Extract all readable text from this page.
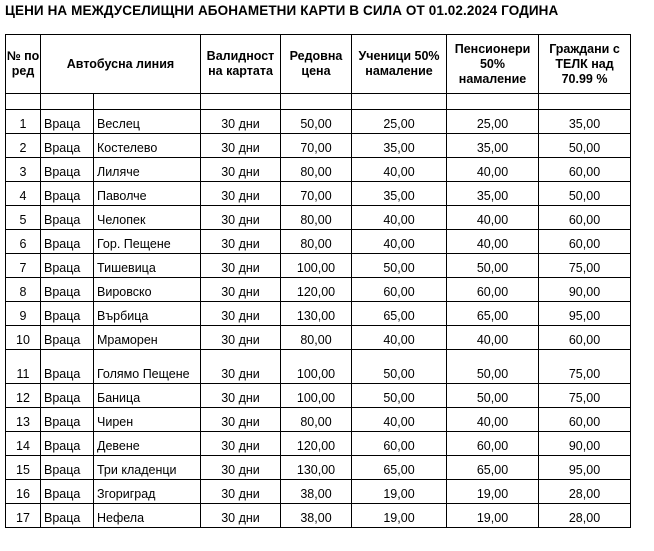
ЦЕНИ НА МЕЖДУСЕЛИЩНИ АБОНАМЕТНИ КАРТИ В СИЛА ОТ 01.02.2024 ГОДИНА
№ по ред	Автобусна линия		Валидност на картата	Редовна цена	Ученици 50% намаление	Пенсионери 50% намаление	Граждани с ТЕЛК над 70.99 %

1	Враца	Веслец	30 дни	50,00	25,00	25,00	35,00
2	Враца	Костелево	30 дни	70,00	35,00	35,00	50,00
3	Враца	Лиляче	30 дни	80,00	40,00	40,00	60,00
4	Враца	Паволче	30 дни	70,00	35,00	35,00	50,00
5	Враца	Челопек	30 дни	80,00	40,00	40,00	60,00
6	Враца	Гор. Пещене	30 дни	80,00	40,00	40,00	60,00
7	Враца	Тишевица	30 дни	100,00	50,00	50,00	75,00
8	Враца	Вировско	30 дни	120,00	60,00	60,00	90,00
9	Враца	Върбица	30 дни	130,00	65,00	65,00	95,00
10	Враца	Мраморен	30 дни	80,00	40,00	40,00	60,00
11	Враца	Голямо Пещене	30 дни	100,00	50,00	50,00	75,00
12	Враца	Баница	30 дни	100,00	50,00	50,00	75,00
13	Враца	Чирен	30 дни	80,00	40,00	40,00	60,00
14	Враца	Девене	30 дни	120,00	60,00	60,00	90,00
15	Враца	Три кладенци	30 дни	130,00	65,00	65,00	95,00
16	Враца	Згориград	30 дни	38,00	19,00	19,00	28,00
17	Враца	Нефела	30 дни	38,00	19,00	19,00	28,00
